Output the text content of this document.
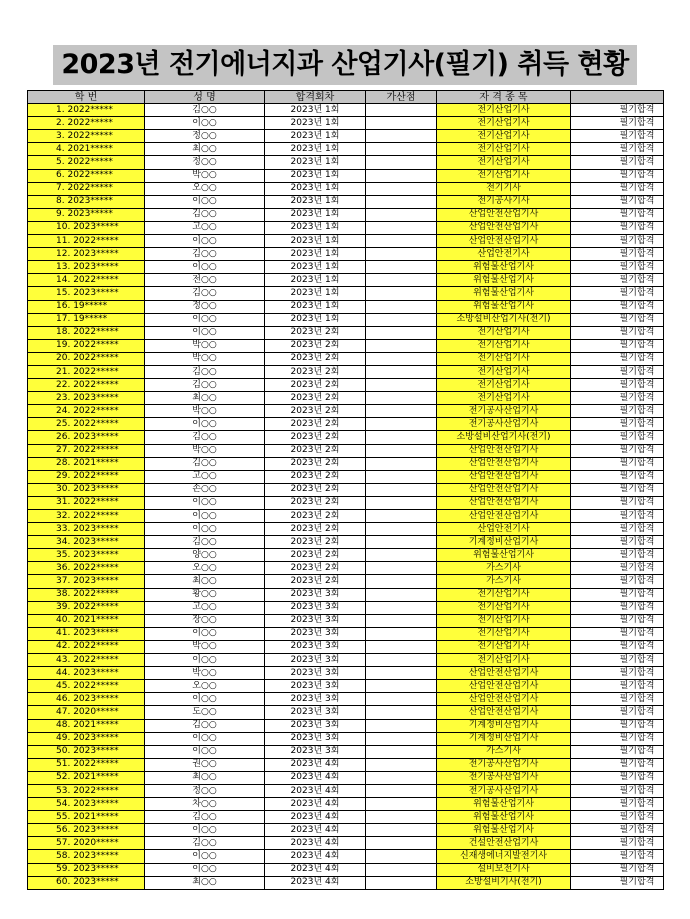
2023년 전기에너지과 산업기사(필기) 취득 현황
학 번	성 명	합격회차	가산점	자 격 종 목	
1. 2022*****	김○○	2023년 1회		전기산업기사	필기합격
2. 2022*****	이○○	2023년 1회		전기산업기사	필기합격
3. 2022*****	정○○	2023년 1회		전기산업기사	필기합격
4. 2021*****	최○○	2023년 1회		전기산업기사	필기합격
5. 2022*****	정○○	2023년 1회		전기산업기사	필기합격
6. 2022*****	박○○	2023년 1회		전기산업기사	필기합격
7. 2022*****	오○○	2023년 1회		전기기사	필기합격
8. 2023*****	이○○	2023년 1회		전기공사기사	필기합격
9. 2023*****	김○○	2023년 1회		산업안전산업기사	필기합격
10. 2023*****	고○○	2023년 1회		산업안전산업기사	필기합격
11. 2022*****	이○○	2023년 1회		산업안전산업기사	필기합격
12. 2023*****	김○○	2023년 1회		산업안전기사	필기합격
13. 2023*****	이○○	2023년 1회		위험물산업기사	필기합격
14. 2022*****	전○○	2023년 1회		위험물산업기사	필기합격
15. 2023*****	김○○	2023년 1회		위험물산업기사	필기합격
16. 19*****	정○○	2023년 1회		위험물산업기사	필기합격
17. 19*****	이○○	2023년 1회		소방설비산업기사(전기)	필기합격
18. 2022*****	이○○	2023년 2회		전기산업기사	필기합격
19. 2022*****	박○○	2023년 2회		전기산업기사	필기합격
20. 2022*****	박○○	2023년 2회		전기산업기사	필기합격
21. 2022*****	김○○	2023년 2회		전기산업기사	필기합격
22. 2022*****	김○○	2023년 2회		전기산업기사	필기합격
23. 2023*****	최○○	2023년 2회		전기산업기사	필기합격
24. 2022*****	박○○	2023년 2회		전기공사산업기사	필기합격
25. 2022*****	이○○	2023년 2회		전기공사산업기사	필기합격
26. 2023*****	김○○	2023년 2회		소방설비산업기사(전기)	필기합격
27. 2022*****	박○○	2023년 2회		산업안전산업기사	필기합격
28. 2021*****	김○○	2023년 2회		산업안전산업기사	필기합격
29. 2022*****	고○○	2023년 2회		산업안전산업기사	필기합격
30. 2023*****	손○○	2023년 2회		산업안전산업기사	필기합격
31. 2022*****	이○○	2023년 2회		산업안전산업기사	필기합격
32. 2022*****	이○○	2023년 2회		산업안전산업기사	필기합격
33. 2023*****	이○○	2023년 2회		산업안전기사	필기합격
34. 2023*****	김○○	2023년 2회		기계정비산업기사	필기합격
35. 2023*****	양○○	2023년 2회		위험물산업기사	필기합격
36. 2022*****	오○○	2023년 2회		가스기사	필기합격
37. 2023*****	최○○	2023년 2회		가스기사	필기합격
38. 2022*****	황○○	2023년 3회		전기산업기사	필기합격
39. 2022*****	고○○	2023년 3회		전기산업기사	필기합격
40. 2021*****	장○○	2023년 3회		전기산업기사	필기합격
41. 2023*****	이○○	2023년 3회		전기산업기사	필기합격
42. 2022*****	박○○	2023년 3회		전기산업기사	필기합격
43. 2022*****	이○○	2023년 3회		전기산업기사	필기합격
44. 2023*****	박○○	2023년 3회		산업안전산업기사	필기합격
45. 2022*****	오○○	2023년 3회		산업안전산업기사	필기합격
46. 2023*****	이○○	2023년 3회		산업안전산업기사	필기합격
47. 2020*****	도○○	2023년 3회		산업안전산업기사	필기합격
48. 2021*****	김○○	2023년 3회		기계정비산업기사	필기합격
49. 2023*****	이○○	2023년 3회		기계정비산업기사	필기합격
50. 2023*****	이○○	2023년 3회		가스기사	필기합격
51. 2022*****	권○○	2023년 4회		전기공사산업기사	필기합격
52. 2021*****	최○○	2023년 4회		전기공사산업기사	필기합격
53. 2022*****	정○○	2023년 4회		전기공사산업기사	필기합격
54. 2023*****	차○○	2023년 4회		위험물산업기사	필기합격
55. 2021*****	김○○	2023년 4회		위험물산업기사	필기합격
56. 2023*****	이○○	2023년 4회		위험물산업기사	필기합격
57. 2020*****	김○○	2023년 4회		건설안전산업기사	필기합격
58. 2023*****	이○○	2023년 4회		신재생에너지발전기사	필기합격
59. 2023*****	이○○	2023년 4회		설비보전기사	필기합격
60. 2023*****	최○○	2023년 4회		소방설비기사(전기)	필기합격
